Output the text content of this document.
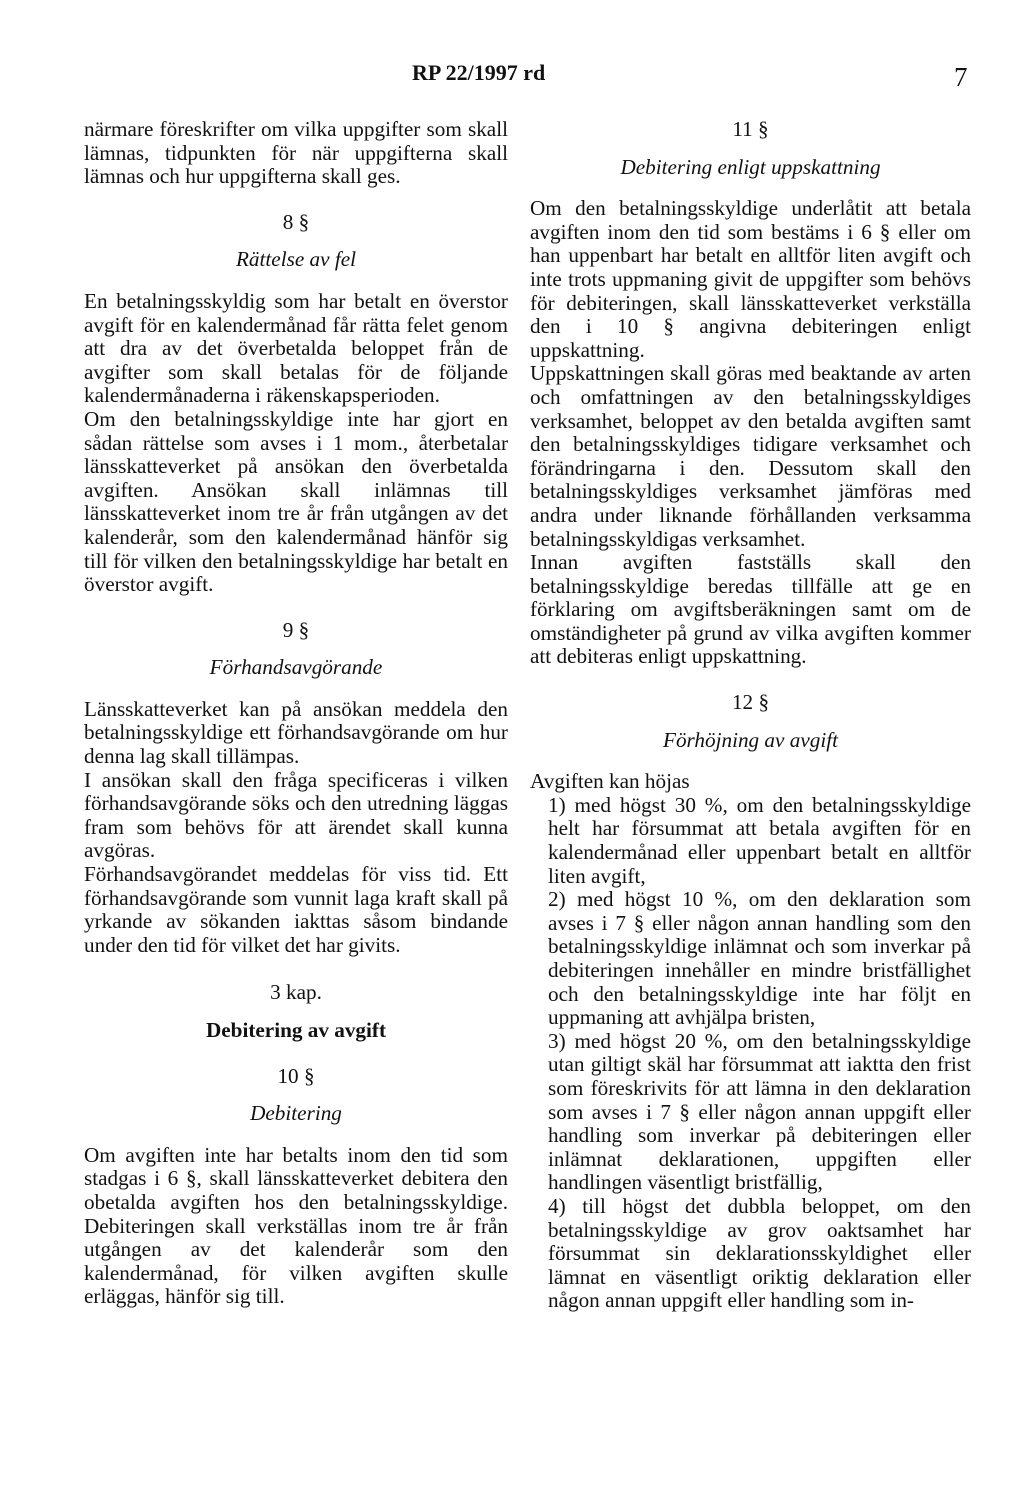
RP 22/1997 rd	7

närmare föreskrifter om vilka uppgifter som skall lämnas, tidpunkten för när uppgifterna skall lämnas och hur uppgifterna skall ges.

8 §
Rättelse av fel

En betalningsskyldig som har betalt en överstor avgift för en kalendermånad får rätta felet genom att dra av det överbetalda beloppet från de avgifter som skall betalas för de följande kalendermånaderna i räkenskapsperioden.

Om den betalningsskyldige inte har gjort en sådan rättelse som avses i 1 mom., återbetalar länsskatteverket på ansökan den överbetalda avgiften. Ansökan skall inlämnas till länsskatteverket inom tre år från utgången av det kalenderår, som den kalendermånad hänför sig till för vilken den betalningsskyldige har betalt en överstor avgift.

9 §
Förhandsavgörande

Länsskatteverket kan på ansökan meddela den betalningsskyldige ett förhandsavgörande om hur denna lag skall tillämpas.

I ansökan skall den fråga specificeras i vilken förhandsavgörande söks och den utredning läggas fram som behövs för att ärendet skall kunna avgöras.

Förhandsavgörandet meddelas för viss tid. Ett förhandsavgörande som vunnit laga kraft skall på yrkande av sökanden iakttas såsom bindande under den tid för vilket det har givits.

3 kap.
Debitering av avgift
10 §
Debitering

Om avgiften inte har betalts inom den tid som stadgas i 6 §, skall länsskatteverket debitera den obetalda avgiften hos den betalningsskyldige. Debiteringen skall verkställas inom tre år från utgången av det kalenderår som den kalendermånad, för vilken avgiften skulle erläggas, hänför sig till.

11 §
Debitering enligt uppskattning

Om den betalningsskyldige underlåtit att betala avgiften inom den tid som bestäms i 6 § eller om han uppenbart har betalt en alltför liten avgift och inte trots uppmaning givit de uppgifter som behövs för debiteringen, skall länsskatteverket verkställa den i 10 § angivna debiteringen enligt uppskattning.

Uppskattningen skall göras med beaktande av arten och omfattningen av den betalningsskyldiges verksamhet, beloppet av den betalda avgiften samt den betalningsskyldiges tidigare verksamhet och förändringarna i den. Dessutom skall den betalningsskyldiges verksamhet jämföras med andra under liknande förhållanden verksamma betalningsskyldigas verksamhet.

Innan avgiften fastställs skall den betalningsskyldige beredas tillfälle att ge en förklaring om avgiftsberäkningen samt om de omständigheter på grund av vilka avgiften kommer att debiteras enligt uppskattning.

12 §
Förhöjning av avgift

Avgiften kan höjas

1) med högst 30 %, om den betalningsskyldige helt har försummat att betala avgiften för en kalendermånad eller uppenbart betalt en alltför liten avgift,

2) med högst 10 %, om den deklaration som avses i 7 § eller någon annan handling som den betalningsskyldige inlämnat och som inverkar på debiteringen innehåller en mindre bristfällighet och den betalningsskyldige inte har följt en uppmaning att avhjälpa bristen,

3) med högst 20 %, om den betalningsskyldige utan giltigt skäl har försummat att iaktta den frist som föreskrivits för att lämna in den deklaration som avses i 7 § eller någon annan uppgift eller handling som inverkar på debiteringen eller inlämnat deklarationen, uppgiften eller handlingen väsentligt bristfällig,

4) till högst det dubbla beloppet, om den betalningsskyldige av grov oaktsamhet har försummat sin deklarationsskyldighet eller lämnat en väsentligt oriktig deklaration eller någon annan uppgift eller handling som in-
